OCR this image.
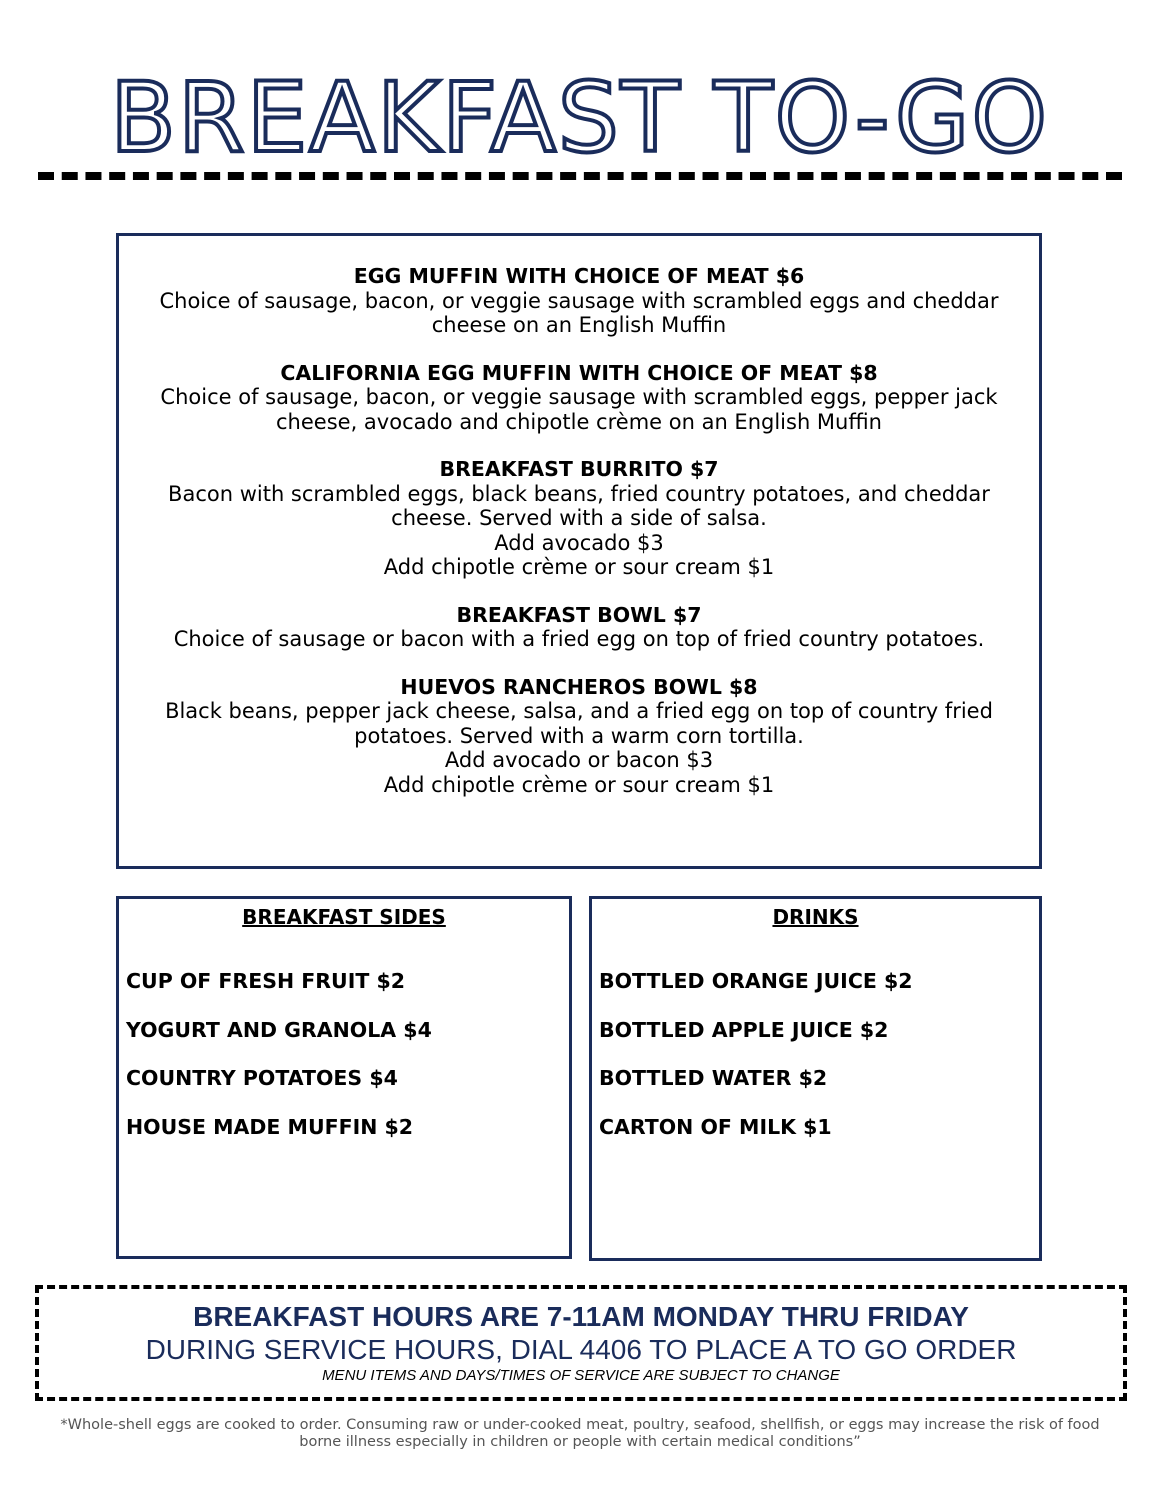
BREAKFAST TO-GO
EGG MUFFIN WITH CHOICE OF MEAT $6
Choice of sausage, bacon, or veggie sausage with scrambled eggs and cheddar cheese on an English Muffin
CALIFORNIA EGG MUFFIN WITH CHOICE OF MEAT $8
Choice of sausage, bacon, or veggie sausage with scrambled eggs, pepper jack cheese, avocado and chipotle crème on an English Muffin
BREAKFAST BURRITO $7
Bacon with scrambled eggs, black beans, fried country potatoes, and cheddar cheese. Served with a side of salsa.
Add avocado $3
Add chipotle crème or sour cream $1
BREAKFAST BOWL $7
Choice of sausage or bacon with a fried egg on top of fried country potatoes.
HUEVOS RANCHEROS BOWL $8
Black beans, pepper jack cheese, salsa, and a fried egg on top of country fried potatoes. Served with a warm corn tortilla.
Add avocado or bacon $3
Add chipotle crème or sour cream $1
BREAKFAST SIDES
CUP OF FRESH FRUIT $2
YOGURT AND GRANOLA $4
COUNTRY POTATOES $4
HOUSE MADE MUFFIN $2
DRINKS
BOTTLED ORANGE JUICE $2
BOTTLED APPLE JUICE $2
BOTTLED WATER $2
CARTON OF MILK $1
BREAKFAST HOURS ARE 7-11AM MONDAY THRU FRIDAY
DURING SERVICE HOURS, DIAL 4406 TO PLACE A TO GO ORDER
MENU ITEMS AND DAYS/TIMES OF SERVICE ARE SUBJECT TO CHANGE
*Whole-shell eggs are cooked to order. Consuming raw or under-cooked meat, poultry, seafood, shellfish, or eggs may increase the risk of food borne illness especially in children or people with certain medical conditions”
